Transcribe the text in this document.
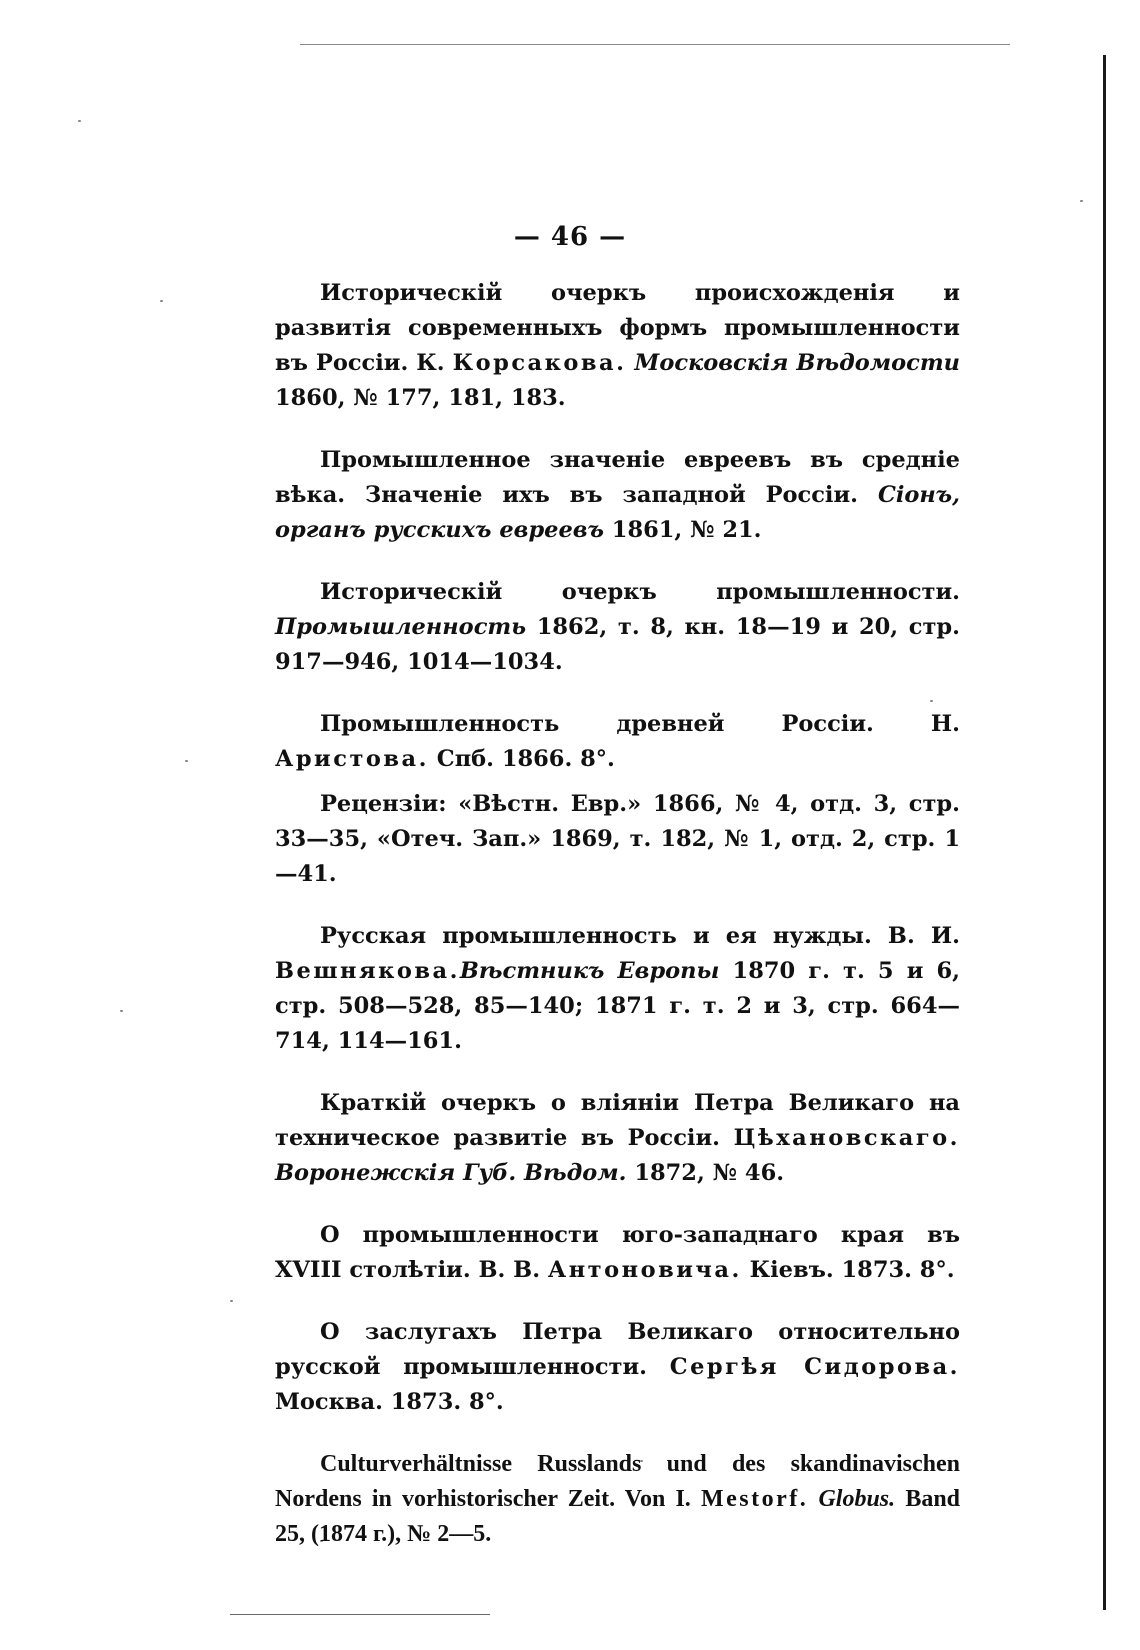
— 46 —

Историческій очеркъ происхожденія и развитія современныхъ формъ промышленности въ Россіи. К. Корсакова. Московскія Вѣдомости 1860, № 177, 181, 183.

Промышленное значеніе евреевъ въ средніе вѣка. Значеніе ихъ въ западной Россіи. Сіонъ, органъ русскихъ евреевъ 1861, № 21.

Историческій очеркъ промышленности. Промышленность 1862, т. 8, кн. 18—19 и 20, стр. 917—946, 1014—1034.

Промышленность древней Россіи. Н. Аристова. Спб. 1866. 8°.

Рецензіи: «Вѣстн. Евр.» 1866, № 4, отд. 3, стр. 33—35, «Отеч. Зап.» 1869, т. 182, № 1, отд. 2, стр. 1—41.

Русская промышленность и ея нужды. В. И. Вешнякова.Вѣстникъ Европы 1870 г. т. 5 и 6, стр. 508—528, 85—140; 1871 г. т. 2 и 3, стр. 664—714, 114—161.

Краткій очеркъ о вліяніи Петра Великаго на техническое развитіе въ Россіи. Цѣхановскаго. Воронежскія Губ. Вѣдом. 1872, № 46.

О промышленности юго-западнаго края въ XVIII столѣтіи. В. В. Антоновича. Кіевъ. 1873. 8°.

О заслугахъ Петра Великаго относительно русской промышленности. Сергѣя Сидорова. Москва. 1873. 8°.

Culturverhältnisse Russlands und des skandinavischen Nordens in vorhistorischer Zeit. Von I. Mestorf. Globus. Band 25, (1874 г.), № 2—5.
